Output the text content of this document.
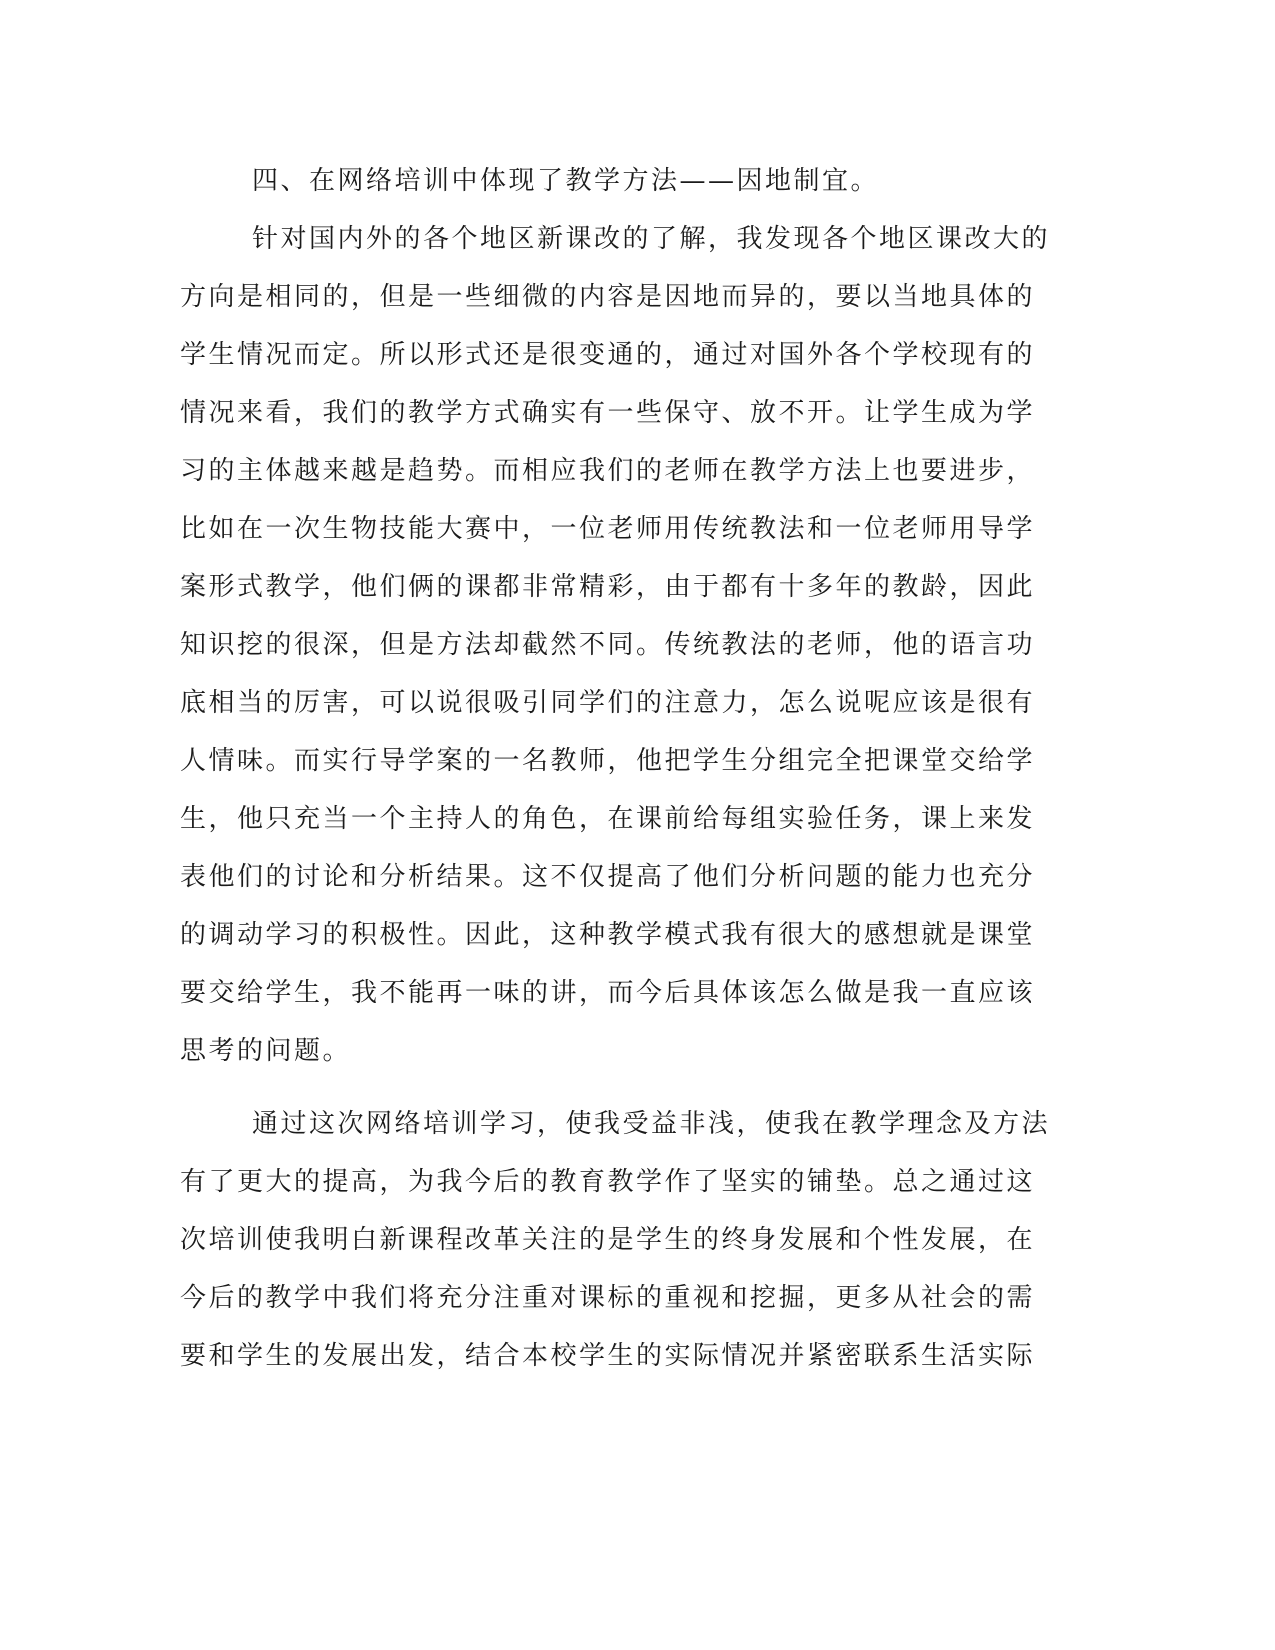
四、在网络培训中体现了教学方法——因地制宜。
针对国内外的各个地区新课改的了解，我发现各个地区课改大的
方向是相同的，但是一些细微的内容是因地而异的，要以当地具体的
学生情况而定。所以形式还是很变通的，通过对国外各个学校现有的
情况来看，我们的教学方式确实有一些保守、放不开。让学生成为学
习的主体越来越是趋势。而相应我们的老师在教学方法上也要进步，
比如在一次生物技能大赛中，一位老师用传统教法和一位老师用导学
案形式教学，他们俩的课都非常精彩，由于都有十多年的教龄，因此
知识挖的很深，但是方法却截然不同。传统教法的老师，他的语言功
底相当的厉害，可以说很吸引同学们的注意力，怎么说呢应该是很有
人情味。而实行导学案的一名教师，他把学生分组完全把课堂交给学
生，他只充当一个主持人的角色，在课前给每组实验任务，课上来发
表他们的讨论和分析结果。这不仅提高了他们分析问题的能力也充分
的调动学习的积极性。因此，这种教学模式我有很大的感想就是课堂
要交给学生，我不能再一味的讲，而今后具体该怎么做是我一直应该
思考的问题。
通过这次网络培训学习，使我受益非浅，使我在教学理念及方法
有了更大的提高，为我今后的教育教学作了坚实的铺垫。总之通过这
次培训使我明白新课程改革关注的是学生的终身发展和个性发展，在
今后的教学中我们将充分注重对课标的重视和挖掘，更多从社会的需
要和学生的发展出发，结合本校学生的实际情况并紧密联系生活实际
